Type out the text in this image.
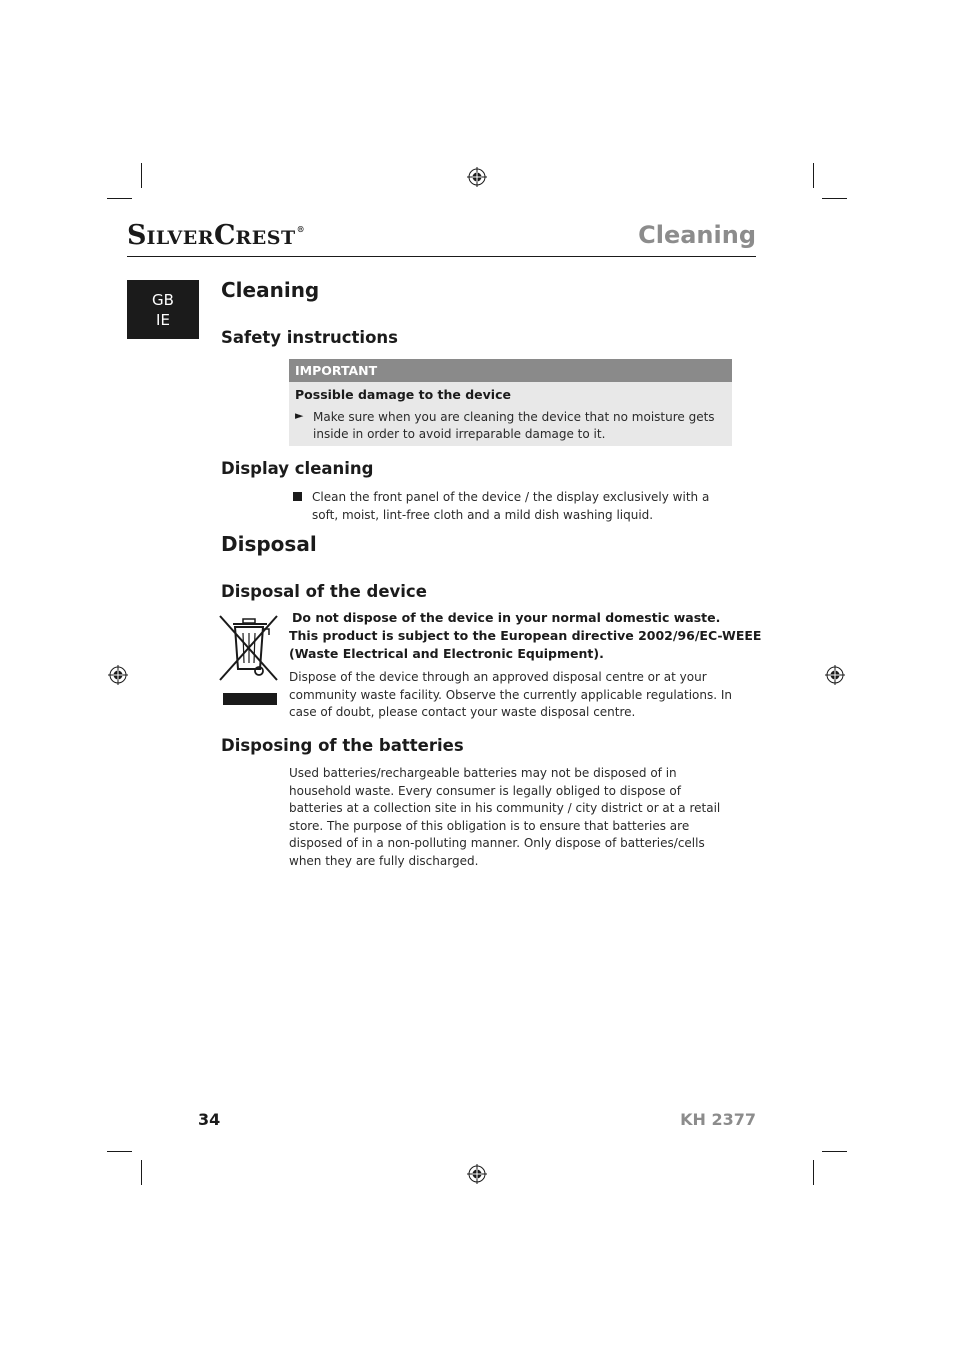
SILVERCREST®	Cleaning
GB
IE
Cleaning
Safety instructions
IMPORTANT
Possible damage to the device
► Make sure when you are cleaning the device that no moisture gets inside in order to avoid irreparable damage to it.
Display cleaning
Clean the front panel of the device / the display exclusively with a soft, moist, lint-free cloth and a mild dish washing liquid.
Disposal
Disposal of the device
Do not dispose of the device in your normal domestic waste.
This product is subject to the European directive 2002/96/EC-WEEE
(Waste Electrical and Electronic Equipment).
Dispose of the device through an approved disposal centre or at your community waste facility. Observe the currently applicable regulations. In case of doubt, please contact your waste disposal centre.
Disposing of the batteries
Used batteries/rechargeable batteries may not be disposed of in household waste. Every consumer is legally obliged to dispose of batteries at a collection site in his community / city district or at a retail store. The purpose of this obligation is to ensure that batteries are disposed of in a non-polluting manner. Only dispose of batteries/cells when they are fully discharged.
34	KH 2377
